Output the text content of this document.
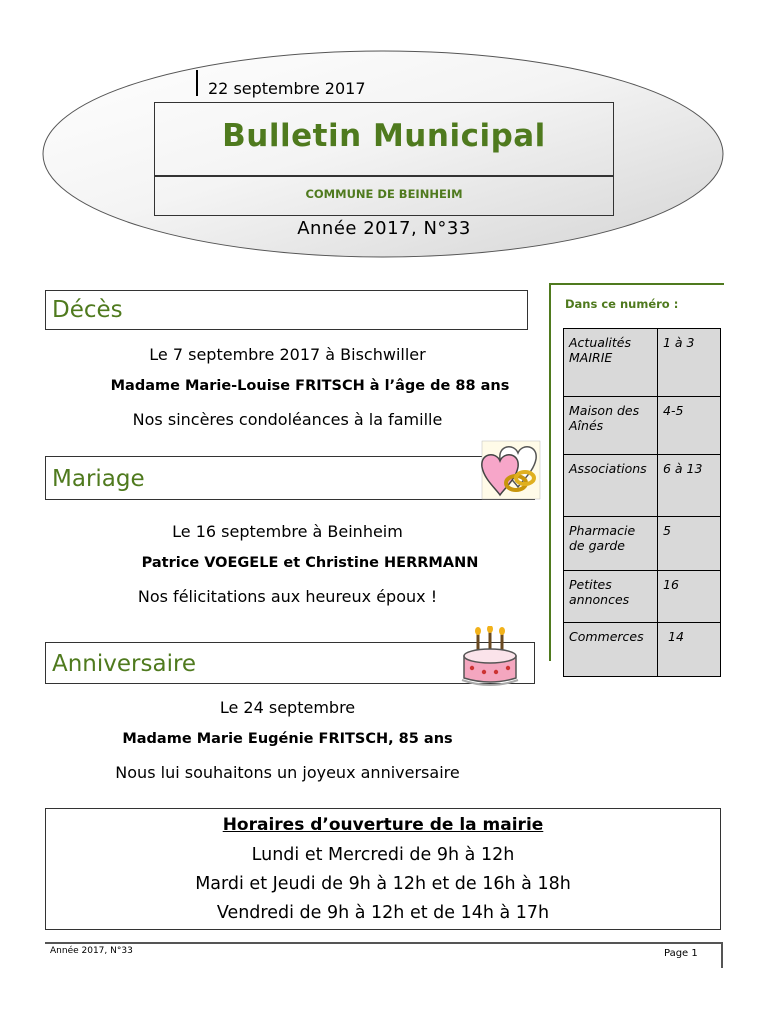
22 septembre 2017
Bulletin Municipal
COMMUNE DE BEINHEIM
Année 2017, N°33
Décès
Le 7 septembre 2017 à Bischwiller
Madame Marie-Louise FRITSCH à l’âge de 88 ans
Nos sincères condoléances à la famille
Mariage
Le 16 septembre à Beinheim
Patrice VOEGELE et Christine HERRMANN
Nos félicitations aux heureux époux !
Anniversaire
Le 24 septembre
Madame Marie Eugénie FRITSCH, 85 ans
Nous lui souhaitons un joyeux anniversaire
Dans ce numéro :
Actualités MAIRIE	1 à 3
Maison des Aînés	4-5
Associations	6 à 13
Pharmacie de garde	5
Petites annonces	16
Commerces	14
Horaires d’ouverture de la mairie
Lundi et Mercredi de 9h à 12h
Mardi et Jeudi de 9h à 12h et de 16h à 18h
Vendredi de 9h à 12h et de 14h à 17h
Année 2017, N°33	Page 1
